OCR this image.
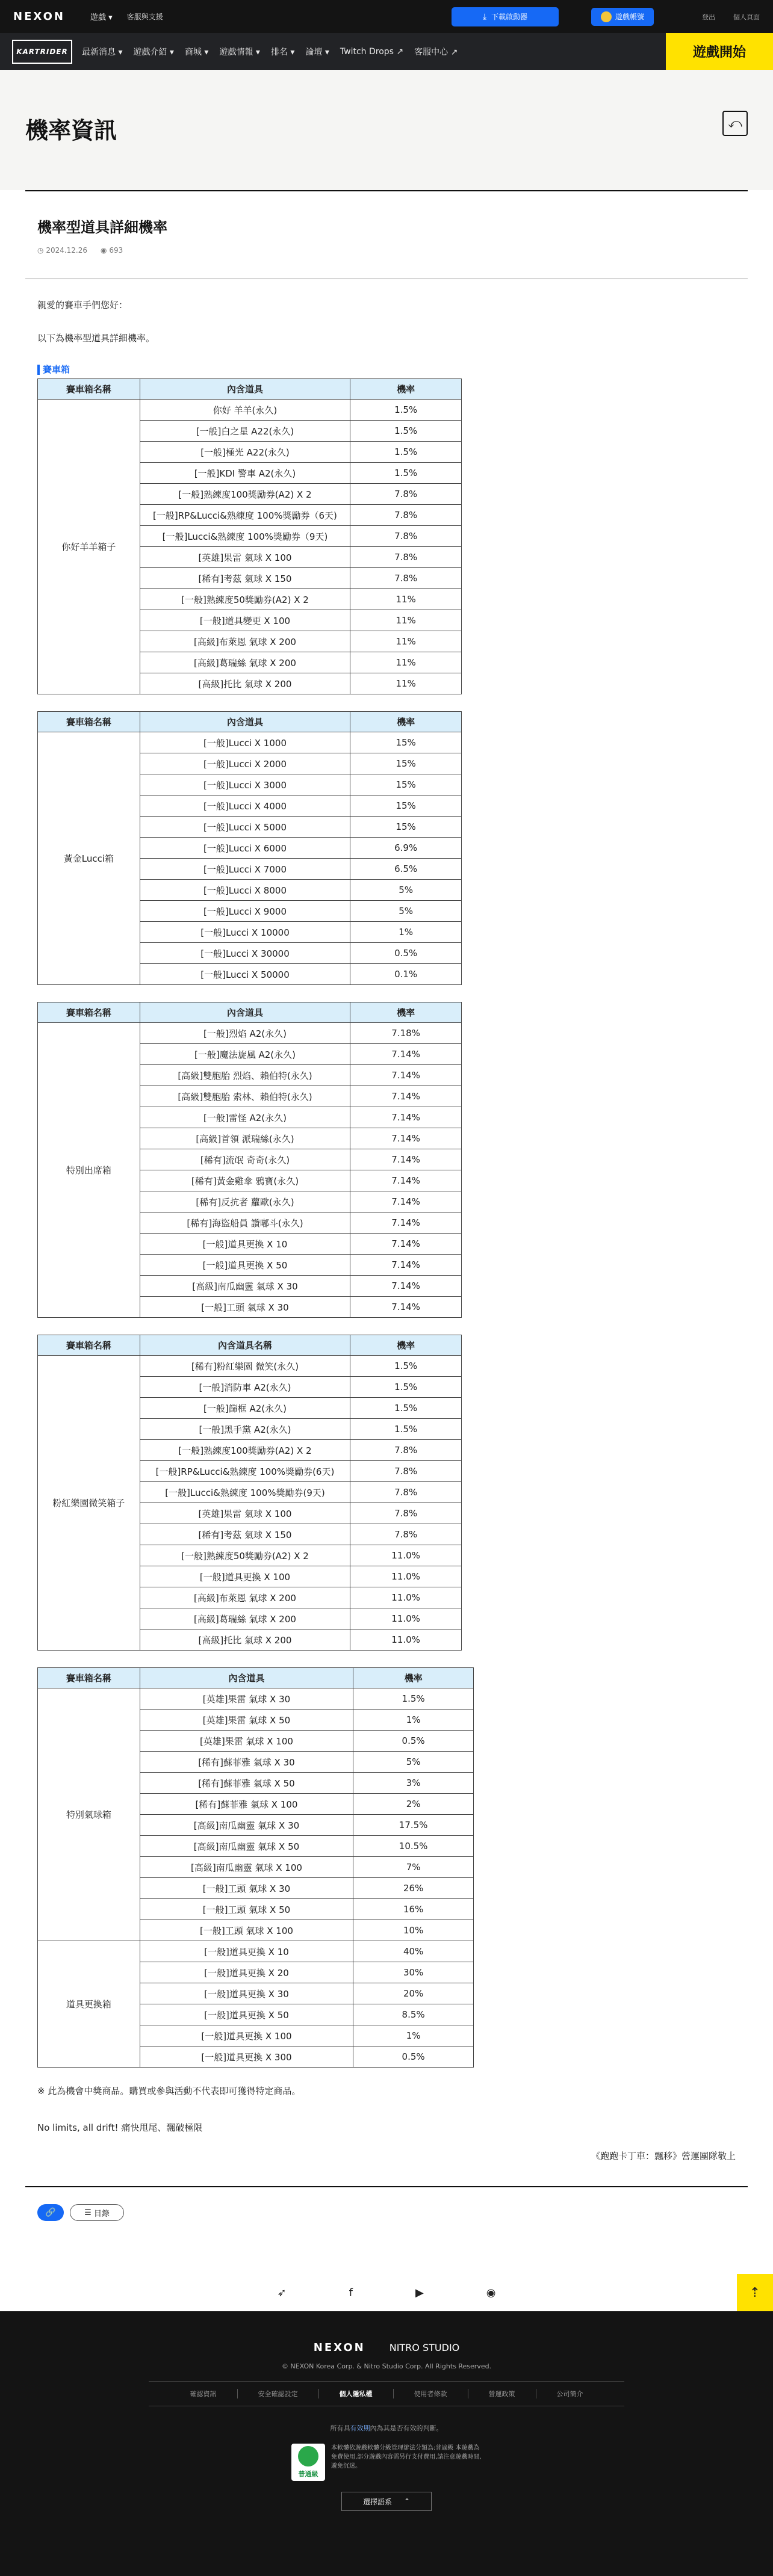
NEXON	遊戲 ▾ 客服與支援	⤓ 下載啟動器	遊戲帳號	登出	個人頁面
KARTRIDER	最新消息 ▾ 遊戲介紹 ▾ 商城 ▾ 遊戲情報 ▾ 排名 ▾ 論壇 ▾ Twitch Drops ↗ 客服中心 ↗	遊戲開始
機率資訊	⤺
機率型道具詳細機率
◷ 2024.12.26 ◉ 693

親愛的賽車手們您好：

以下為機率型道具詳細機率。

賽車箱
賽車箱名稱	內含道具	機率
你好羊羊箱子	你好 羊羊(永久)	1.5%
	[一般]白之星 A22(永久)	1.5%
	[一般]極光 A22(永久)	1.5%
	[一般]KDI 警車 A2(永久)	1.5%
	[一般]熟練度100獎勵券(A2) X 2	7.8%
	[一般]RP&Lucci&熟練度 100%獎勵券（6天)	7.8%
	[一般]Lucci&熟練度 100%獎勵券（9天)	7.8%
	[英雄]果雷 氣球 X 100	7.8%
	[稀有]考茲 氣球 X 150	7.8%
	[一般]熟練度50獎勵券(A2) X 2	11%
	[一般]道具變更 X 100	11%
	[高級]布萊恩 氣球 X 200	11%
	[高級]葛瑞絲 氣球 X 200	11%
	[高級]托比 氣球 X 200	11%
賽車箱名稱	內含道具	機率
黃金Lucci箱	[一般]Lucci X 1000	15%
	[一般]Lucci X 2000	15%
	[一般]Lucci X 3000	15%
	[一般]Lucci X 4000	15%
	[一般]Lucci X 5000	15%
	[一般]Lucci X 6000	6.9%
	[一般]Lucci X 7000	6.5%
	[一般]Lucci X 8000	5%
	[一般]Lucci X 9000	5%
	[一般]Lucci X 10000	1%
	[一般]Lucci X 30000	0.5%
	[一般]Lucci X 50000	0.1%
賽車箱名稱	內含道具	機率
特別出席箱	[一般]烈焰 A2(永久)	7.18%
	[一般]魔法旋風 A2(永久)	7.14%
	[高級]雙胞胎 烈焰、賴伯特(永久)	7.14%
	[高級]雙胞胎 索林、賴伯特(永久)	7.14%
	[一般]雷怪 A2(永久)	7.14%
	[高級]首領 派瑞絲(永久)	7.14%
	[稀有]流氓 奇奇(永久)	7.14%
	[稀有]黃金雞傘 鴉寶(永久)	7.14%
	[稀有]反抗者 蘿歐(永久)	7.14%
	[稀有]海盜船員 讚嘟斗(永久)	7.14%
	[一般]道具更換 X 10	7.14%
	[一般]道具更換 X 50	7.14%
	[高級]南瓜幽靈 氣球 X 30	7.14%
	[一般]工頭 氣球 X 30	7.14%
賽車箱名稱	內含道具名稱	機率
粉紅樂園微笑箱子	[稀有]粉紅樂園 微笑(永久)	1.5%
	[一般]消防車 A2(永久)	1.5%
	[一般]篩框 A2(永久)	1.5%
	[一般]黑手黨 A2(永久)	1.5%
	[一般]熟練度100獎勵券(A2) X 2	7.8%
	[一般]RP&Lucci&熟練度 100%獎勵券(6天)	7.8%
	[一般]Lucci&熟練度 100%獎勵券(9天)	7.8%
	[英雄]果雷 氣球 X 100	7.8%
	[稀有]考茲 氣球 X 150	7.8%
	[一般]熟練度50獎勵券(A2) X 2	11.0%
	[一般]道具更換 X 100	11.0%
	[高級]布萊恩 氣球 X 200	11.0%
	[高級]葛瑞絲 氣球 X 200	11.0%
	[高級]托比 氣球 X 200	11.0%
賽車箱名稱	內含道具	機率
特別氣球箱	[英雄]果雷 氣球 X 30	1.5%
	[英雄]果雷 氣球 X 50	1%
	[英雄]果雷 氣球 X 100	0.5%
	[稀有]蘇菲雅 氣球 X 30	5%
	[稀有]蘇菲雅 氣球 X 50	3%
	[稀有]蘇菲雅 氣球 X 100	2%
	[高級]南瓜幽靈 氣球 X 30	17.5%
	[高級]南瓜幽靈 氣球 X 50	10.5%
	[高級]南瓜幽靈 氣球 X 100	7%
	[一般]工頭 氣球 X 30	26%
	[一般]工頭 氣球 X 50	16%
	[一般]工頭 氣球 X 100	10%
道具更換箱	[一般]道具更換 X 10	40%
	[一般]道具更換 X 20	30%
	[一般]道具更換 X 30	20%
	[一般]道具更換 X 50	8.5%
	[一般]道具更換 X 100	1%
	[一般]道具更換 X 300	0.5%

※ 此為機會中獎商品。購買或參與活動不代表即可獲得特定商品。

No limits, all drift! 痛快甩尾、飄破極限

《跑跑卡丁車：飄移》營運團隊敬上

🔗	☰
目錄
➶	f	▶	◉	⇡
NEXON	NITRO STUDIO
© NEXON Korea Corp. & Nitro Studio Corp. All Rights Reserved.
確認資訊	安全確認設定	個人隱私權	使用者條款	營運政策	公司簡介
所有具有效期內為其是否有效的判斷。
普通級
本軟體依遊戲軟體分級管理辦法分類為:普遍級 本遊戲為免費使用,部分遊戲內容需另行支付費用,請注意遊戲時間,避免沉迷。
選擇語系 ⌃
